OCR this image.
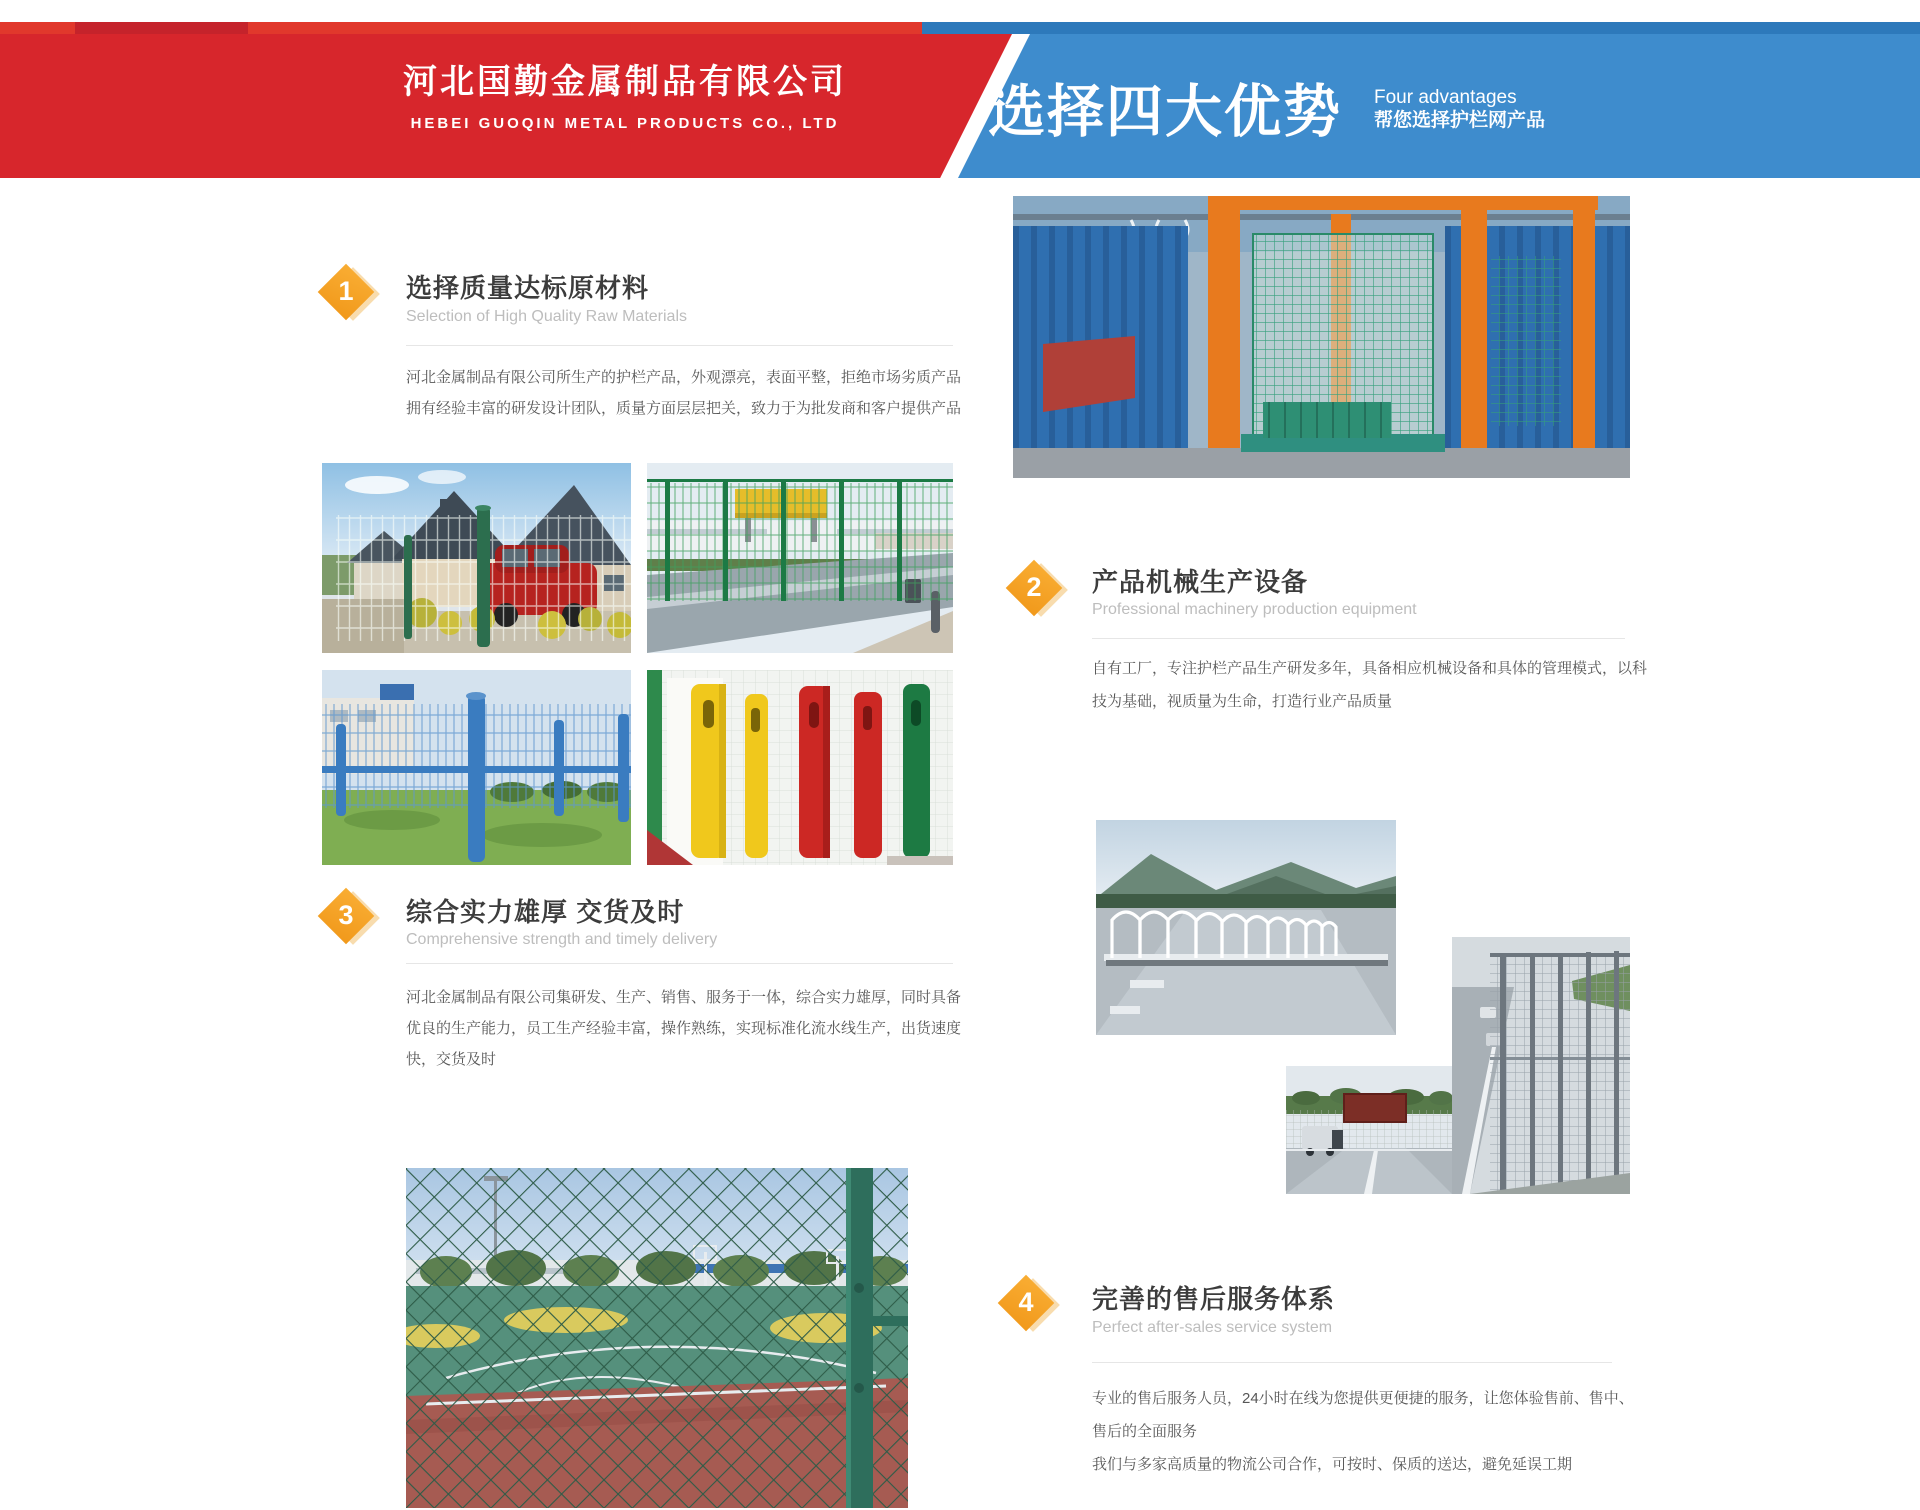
河北国勤金属制品有限公司
HEBEI GUOQIN METAL PRODUCTS CO., LTD	选择四大优势 Four advantages
帮您选择护栏网产品
1	选择质量达标原材料
Selection of High Quality Raw Materials
河北金属制品有限公司所生产的护栏产品，外观漂亮，表面平整，拒绝市场劣质产品
拥有经验丰富的研发设计团队，质量方面层层把关，致力于为批发商和客户提供产品
3	综合实力雄厚 交货及时
Comprehensive strength and timely delivery
河北金属制品有限公司集研发、生产、销售、服务于一体，综合实力雄厚，同时具备
优良的生产能力，员工生产经验丰富，操作熟练，实现标准化流水线生产，出货速度
快，交货及时
2	产品机械生产设备
Professional machinery production equipment
自有工厂，专注护栏产品生产研发多年，具备相应机械设备和具体的管理模式，以科
技为基础，视质量为生命，打造行业产品质量
4	完善的售后服务体系
Perfect after-sales service system
专业的售后服务人员，24小时在线为您提供更便捷的服务，让您体验售前、售中、
售后的全面服务
我们与多家高质量的物流公司合作，可按时、保质的送达，避免延误工期
